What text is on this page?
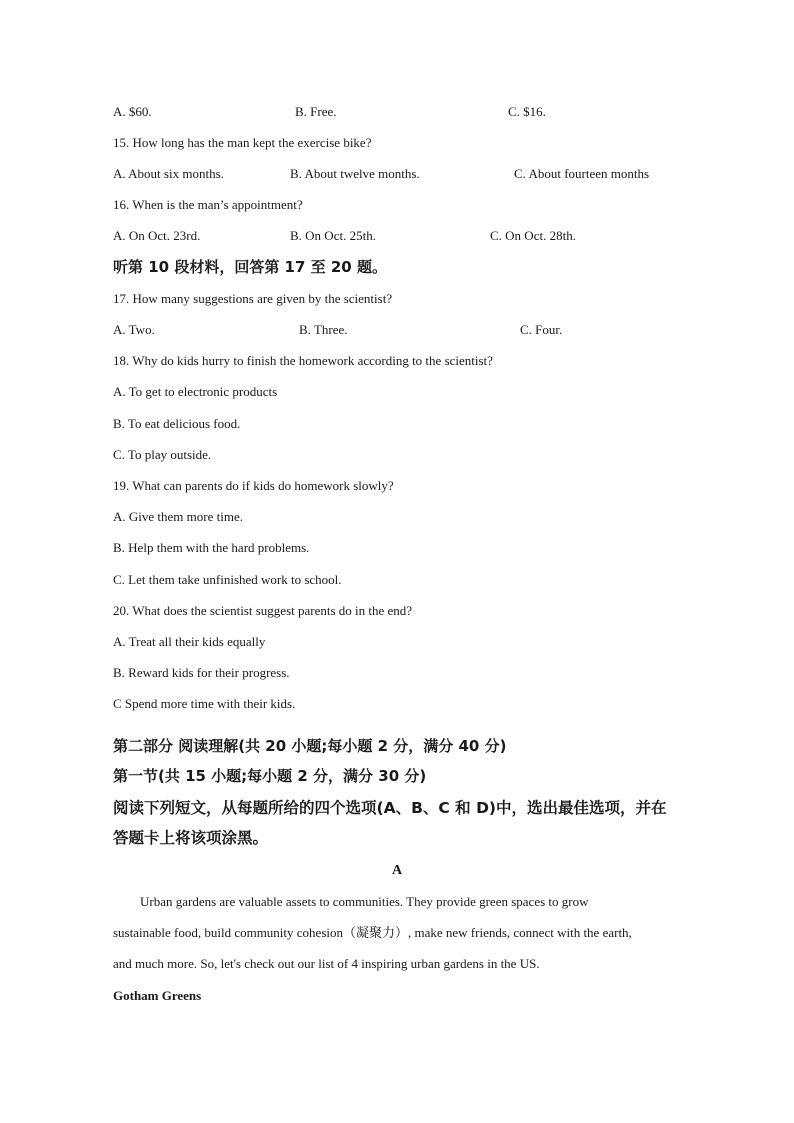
A. $60.	B. Free.	C. $16.
15. How long has the man kept the exercise bike?
A. About six months.	B. About twelve months.	C. About fourteen months
16. When is the man’s appointment?
A. On Oct. 23rd.	B. On Oct. 25th.	C. On Oct. 28th.
听第 10 段材料，回答第 17 至 20 题。
17. How many suggestions are given by the scientist?
A. Two.	B. Three.	C. Four.
18. Why do kids hurry to finish the homework according to the scientist?
A. To get to electronic products
B. To eat delicious food.
C. To play outside.
19. What can parents do if kids do homework slowly?
A. Give them more time.
B. Help them with the hard problems.
C. Let them take unfinished work to school.
20. What does the scientist suggest parents do in the end?
A. Treat all their kids equally
B. Reward kids for their progress.
C Spend more time with their kids.
第二部分 阅读理解(共 20 小题;每小题 2 分，满分 40 分)
第一节(共 15 小题;每小题 2 分，满分 30 分)
阅读下列短文，从每题所给的四个选项(A、B、C 和 D)中，选出最佳选项，并在
答题卡上将该项涂黑。
A
Urban gardens are valuable assets to communities. They provide green spaces to grow
sustainable food, build community cohesion（凝聚力）, make new friends, connect with the earth,
and much more. So, let's check out our list of 4 inspiring urban gardens in the US.
Gotham Greens
